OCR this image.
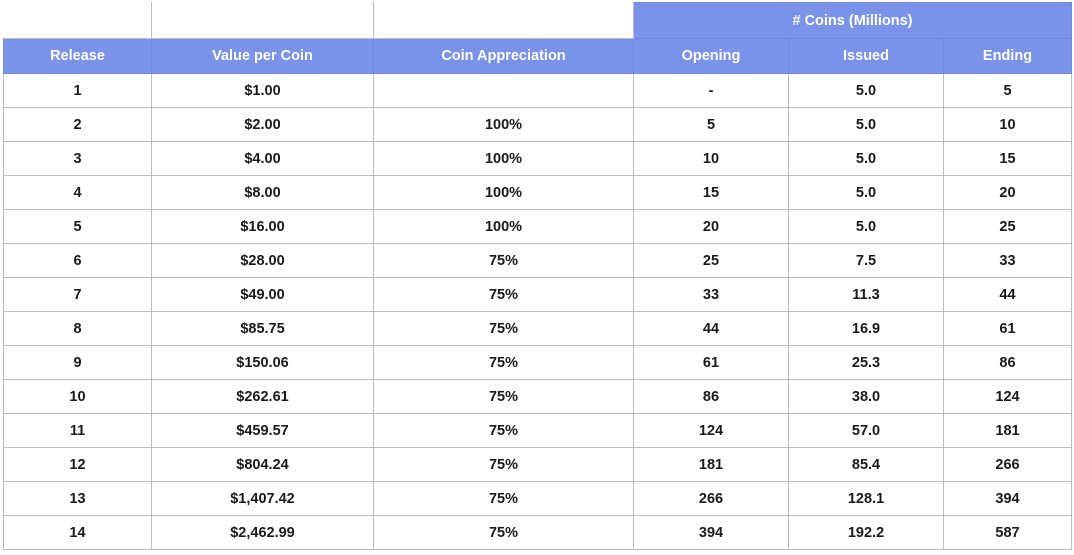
			# Coins (Millions)		
Release	Value per Coin	Coin Appreciation	Opening	Issued	Ending
1	$1.00		-	5.0	5
2	$2.00	100%	5	5.0	10
3	$4.00	100%	10	5.0	15
4	$8.00	100%	15	5.0	20
5	$16.00	100%	20	5.0	25
6	$28.00	75%	25	7.5	33
7	$49.00	75%	33	11.3	44
8	$85.75	75%	44	16.9	61
9	$150.06	75%	61	25.3	86
10	$262.61	75%	86	38.0	124
11	$459.57	75%	124	57.0	181
12	$804.24	75%	181	85.4	266
13	$1,407.42	75%	266	128.1	394
14	$2,462.99	75%	394	192.2	587
